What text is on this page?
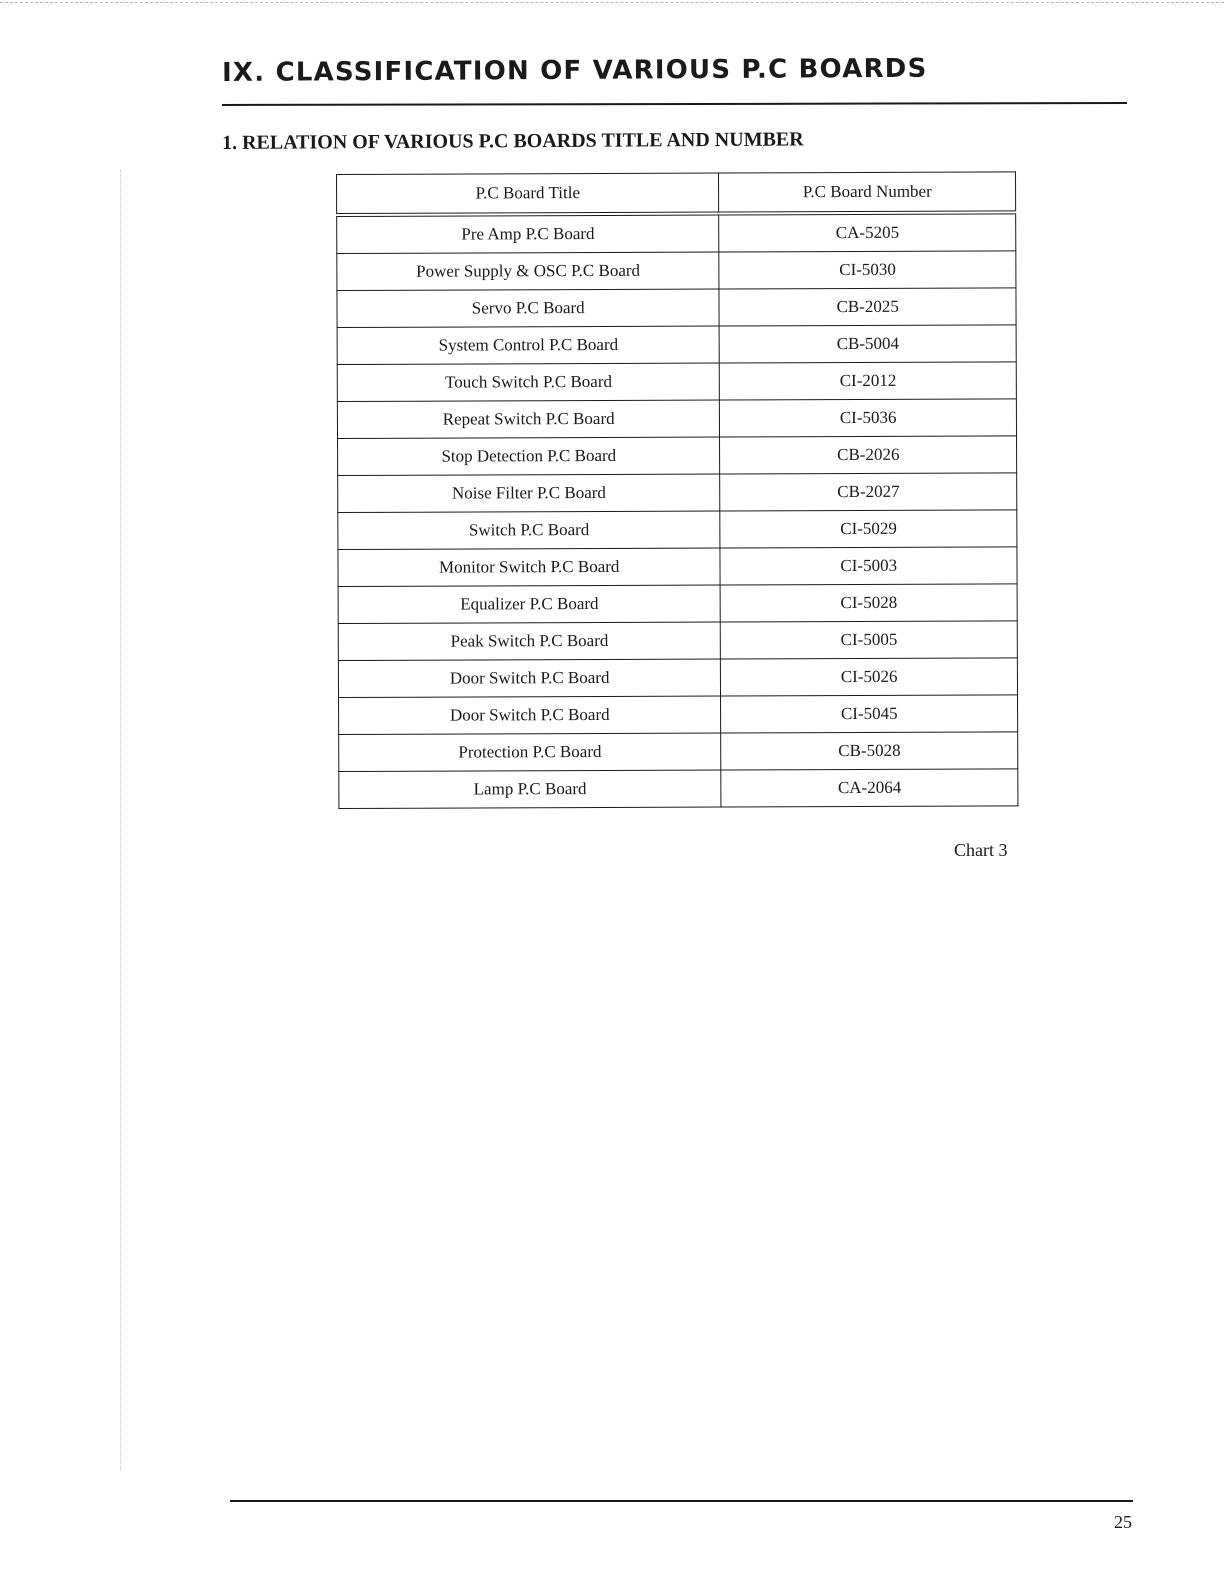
IX. CLASSIFICATION OF VARIOUS P.C BOARDS
1. RELATION OF VARIOUS P.C BOARDS TITLE AND NUMBER
P.C Board Title	P.C Board Number
Pre Amp P.C Board	CA-5205
Power Supply & OSC P.C Board	CI-5030
Servo P.C Board	CB-2025
System Control P.C Board	CB-5004
Touch Switch P.C Board	CI-2012
Repeat Switch P.C Board	CI-5036
Stop Detection P.C Board	CB-2026
Noise Filter P.C Board	CB-2027
Switch P.C Board	CI-5029
Monitor Switch P.C Board	CI-5003
Equalizer P.C Board	CI-5028
Peak Switch P.C Board	CI-5005
Door Switch P.C Board	CI-5026
Door Switch P.C Board	CI-5045
Protection P.C Board	CB-5028
Lamp P.C Board	CA-2064

Chart 3

25
